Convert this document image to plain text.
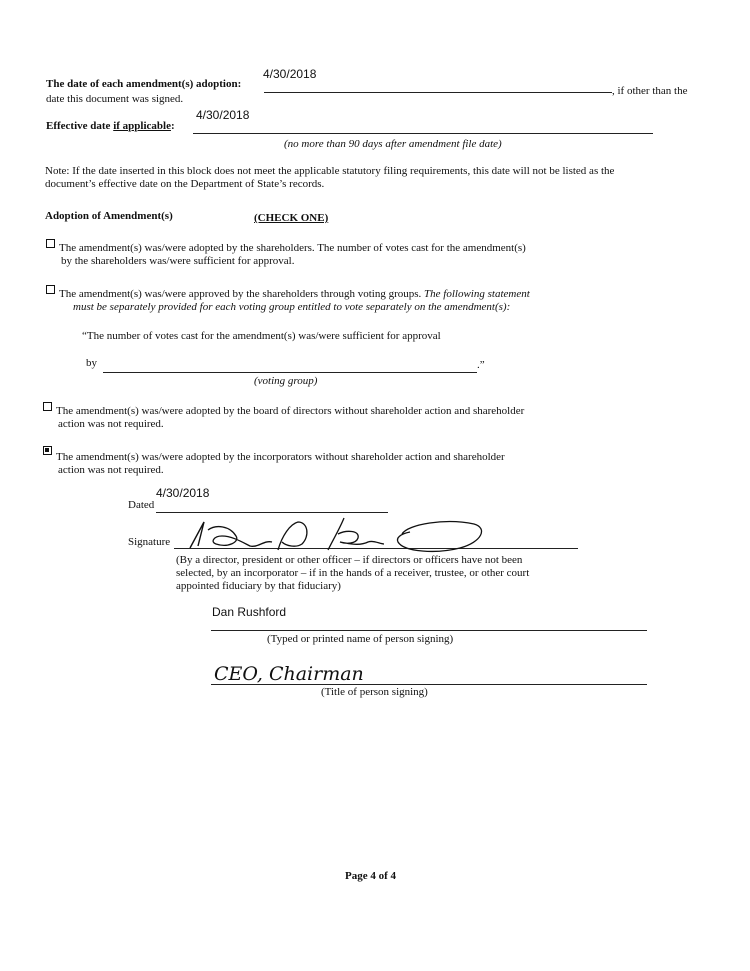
4/30/2018
The date of each amendment(s) adoption:
, if other than the
date this document was signed.
4/30/2018
Effective date if applicable:
(no more than 90 days after amendment file date)
Note: If the date inserted in this block does not meet the applicable statutory filing requirements, this date will not be listed as the
document’s effective date on the Department of State’s records.
Adoption of Amendment(s)	(CHECK ONE)
The amendment(s) was/were adopted by the shareholders. The number of votes cast for the amendment(s)
by the shareholders was/were sufficient for approval.
The amendment(s) was/were approved by the shareholders through voting groups. The following statement
must be separately provided for each voting group entitled to vote separately on the amendment(s):
“The number of votes cast for the amendment(s) was/were sufficient for approval
by	.”
(voting group)
The amendment(s) was/were adopted by the board of directors without shareholder action and shareholder
action was not required.
The amendment(s) was/were adopted by the incorporators without shareholder action and shareholder
action was not required.
4/30/2018
Dated
Signature
(By a director, president or other officer – if directors or officers have not been
selected, by an incorporator – if in the hands of a receiver, trustee, or other court
appointed fiduciary by that fiduciary)
Dan Rushford
(Typed or printed name of person signing)
CEO, Chairman
(Title of person signing)
Page 4 of 4
